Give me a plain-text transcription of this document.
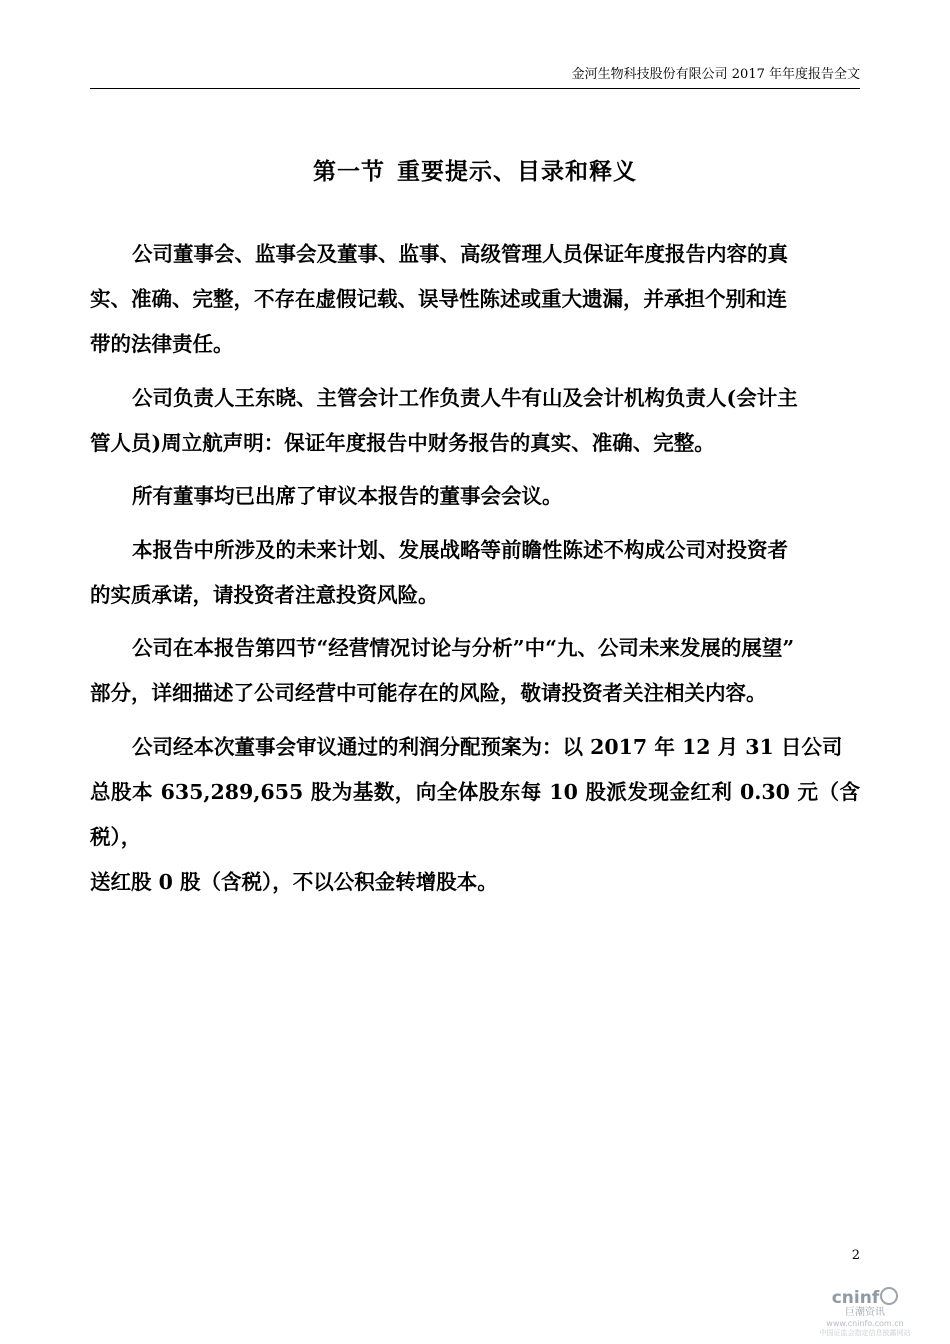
金河生物科技股份有限公司 2017 年年度报告全文
第一节 重要提示、目录和释义

公司董事会、监事会及董事、监事、高级管理人员保证年度报告内容的真
实、准确、完整，不存在虚假记载、误导性陈述或重大遗漏，并承担个别和连
带的法律责任。

公司负责人王东晓、主管会计工作负责人牛有山及会计机构负责人(会计主
管人员)周立航声明：保证年度报告中财务报告的真实、准确、完整。

所有董事均已出席了审议本报告的董事会会议。

本报告中所涉及的未来计划、发展战略等前瞻性陈述不构成公司对投资者
的实质承诺，请投资者注意投资风险。

公司在本报告第四节“经营情况讨论与分析”中“九、公司未来发展的展望”
部分，详细描述了公司经营中可能存在的风险，敬请投资者关注相关内容。

公司经本次董事会审议通过的利润分配预案为：以 2017 年 12 月 31 日公司
总股本 635,289,655 股为基数，向全体股东每 10 股派发现金红利 0.30 元（含税），
送红股 0 股（含税），不以公积金转增股本。

2
cninf
巨潮资讯
www.cninfo.com.cn
中国证监会指定信息披露网站
